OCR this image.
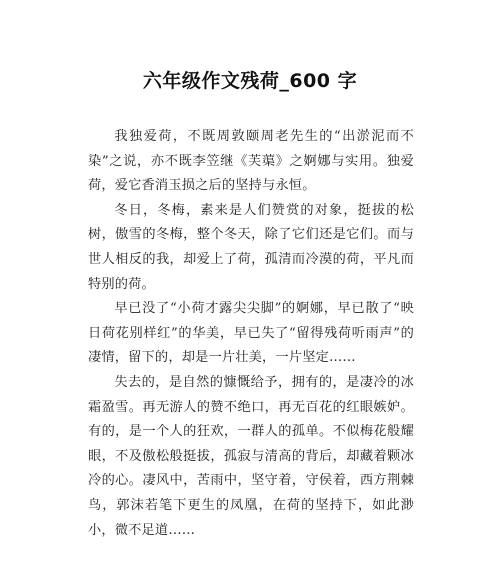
六年级作文残荷_600 字

我独爱荷，不既周敦颐周老先生的“出淤泥而不染”之说，亦不既李笠继《芙蕖》之婀娜与实用。独爱荷，爱它香消玉损之后的坚持与永恒。

冬日，冬梅，素来是人们赞赏的对象，挺拔的松树，傲雪的冬梅，整个冬天，除了它们还是它们。而与世人相反的我，却爱上了荷，孤清而冷漠的荷，平凡而特别的荷。

早已没了“小荷才露尖尖脚”的婀娜，早已散了“映日荷花别样红”的华美，早已失了“留得残荷听雨声”的凄情，留下的，却是一片壮美，一片坚定……

失去的，是自然的慷慨给予，拥有的，是凄冷的冰霜盈雪。再无游人的赞不绝口，再无百花的红眼嫉妒。有的，是一个人的狂欢，一群人的孤单。不似梅花般耀眼，不及傲松般挺拔，孤寂与清高的背后，却藏着颗冰冷的心。凄风中，苦雨中，坚守着，守侯着，西方荆棘鸟，郭沫若笔下更生的凤凰，在荷的坚持下，如此渺小，微不足道……
